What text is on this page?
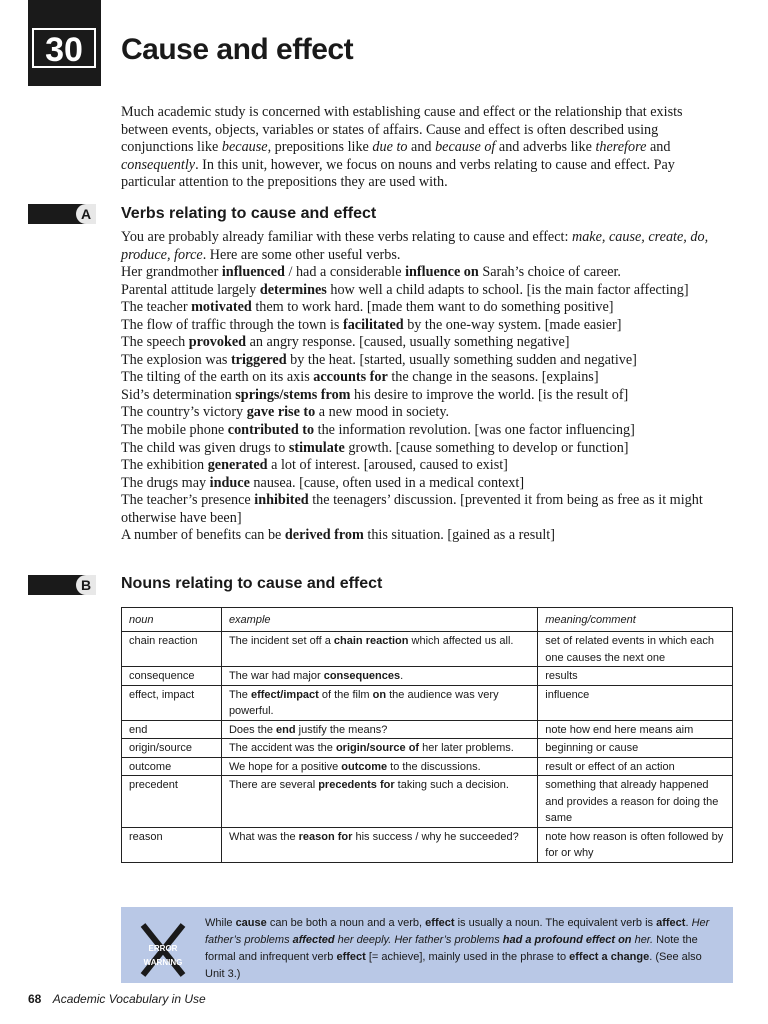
30	Cause and effect
Much academic study is concerned with establishing cause and effect or the relationship that exists between events, objects, variables or states of affairs. Cause and effect is often described using conjunctions like because, prepositions like due to and because of and adverbs like therefore and consequently. In this unit, however, we focus on nouns and verbs relating to cause and effect. Pay particular attention to the prepositions they are used with.
A	Verbs relating to cause and effect

You are probably already familiar with these verbs relating to cause and effect: make, cause, create, do, produce, force. Here are some other useful verbs.

Her grandmother influenced / had a considerable influence on Sarah’s choice of career.

Parental attitude largely determines how well a child adapts to school. [is the main factor affecting]

The teacher motivated them to work hard. [made them want to do something positive]

The flow of traffic through the town is facilitated by the one-way system. [made easier]

The speech provoked an angry response. [caused, usually something negative]

The explosion was triggered by the heat. [started, usually something sudden and negative]

The tilting of the earth on its axis accounts for the change in the seasons. [explains]

Sid’s determination springs/stems from his desire to improve the world. [is the result of]

The country’s victory gave rise to a new mood in society.

The mobile phone contributed to the information revolution. [was one factor influencing]

The child was given drugs to stimulate growth. [cause something to develop or function]

The exhibition generated a lot of interest. [aroused, caused to exist]

The drugs may induce nausea. [cause, often used in a medical context]

The teacher’s presence inhibited the teenagers’ discussion. [prevented it from being as free as it might otherwise have been]

A number of benefits can be derived from this situation. [gained as a result]

B	Nouns relating to cause and effect
noun	example	meaning/comment
chain reaction	The incident set off a chain reaction which affected us all.	set of related events in which each one causes the next one
consequence	The war had major consequences.	results
effect, impact	The effect/impact of the film on the audience was very powerful.	influence
end	Does the end justify the means?	note how end here means aim
origin/source	The accident was the origin/source of her later problems.	beginning or cause
outcome	We hope for a positive outcome to the discussions.	result or effect of an action
precedent	There are several precedents for taking such a decision.	something that already happened and provides a reason for doing the same
reason	What was the reason for his success / why he succeeded?	note how reason is often followed by for or why
ERROR
WARNING
While cause can be both a noun and a verb, effect is usually a noun. The equivalent verb is affect. Her father’s problems affected her deeply. Her father’s problems had a profound effect on her. Note the formal and infrequent verb effect [= achieve], mainly used in the phrase to effect a change. (See also Unit 3.)
68 Academic Vocabulary in Use
